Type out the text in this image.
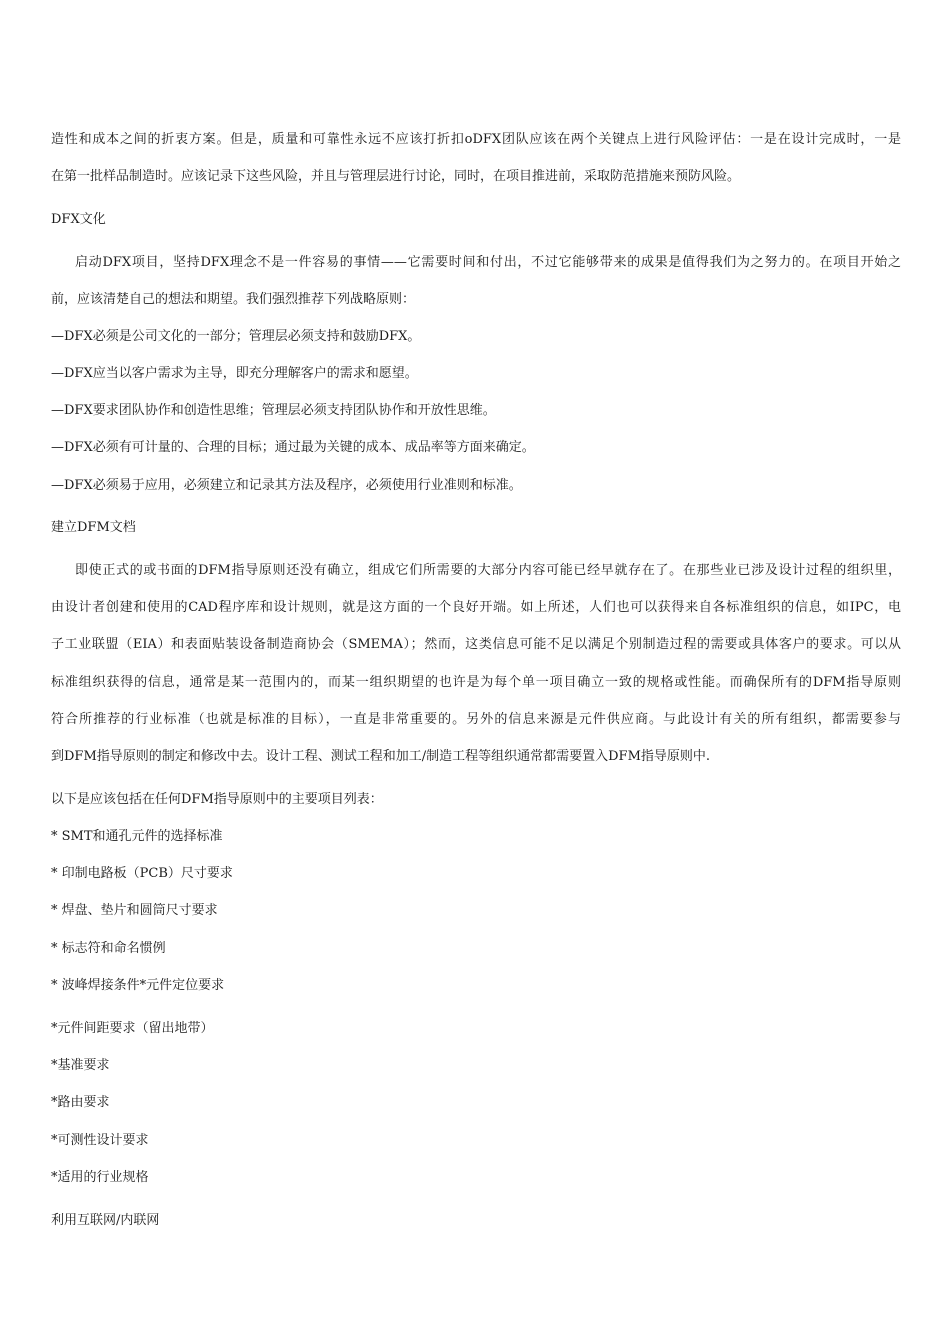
造性和成本之间的折衷方案。但是，质量和可靠性永远不应该打折扣oDFX团队应该在两个关键点上进行风险评估：一是在设计完成时，一是
在第一批样品制造时。应该记录下这些风险，并且与管理层进行讨论，同时，在项目推进前，采取防范措施来预防风险。
DFX文化
启动DFX项目，坚持DFX理念不是一件容易的事情——它需要时间和付出，不过它能够带来的成果是值得我们为之努力的。在项目开始之
前，应该清楚自己的想法和期望。我们强烈推荐下列战略原则：
—DFX必须是公司文化的一部分；管理层必须支持和鼓励DFX。
—DFX应当以客户需求为主导，即充分理解客户的需求和愿望。
—DFX要求团队协作和创造性思维；管理层必须支持团队协作和开放性思维。
—DFX必须有可计量的、合理的目标；通过最为关键的成本、成品率等方面来确定。
—DFX必须易于应用，必须建立和记录其方法及程序，必须使用行业准则和标准。
建立DFM文档
即使正式的或书面的DFM指导原则还没有确立，组成它们所需要的大部分内容可能已经早就存在了。在那些业已涉及设计过程的组织里，
由设计者创建和使用的CAD程序库和设计规则，就是这方面的一个良好开端。如上所述，人们也可以获得来自各标准组织的信息，如IPC，电
子工业联盟（EIA）和表面贴装设备制造商协会（SMEMA）；然而，这类信息可能不足以满足个别制造过程的需要或具体客户的要求。可以从
标准组织获得的信息，通常是某一范围内的，而某一组织期望的也许是为每个单一项目确立一致的规格或性能。而确保所有的DFM指导原则
符合所推荐的行业标准（也就是标准的目标），一直是非常重要的。另外的信息来源是元件供应商。与此设计有关的所有组织，都需要参与
到DFM指导原则的制定和修改中去。设计工程、测试工程和加工/制造工程等组织通常都需要置入DFM指导原则中.
以下是应该包括在任何DFM指导原则中的主要项目列表：
* SMT和通孔元件的选择标准
* 印制电路板（PCB）尺寸要求
* 焊盘、垫片和圆筒尺寸要求
* 标志符和命名惯例
* 波峰焊接条件*元件定位要求
*元件间距要求（留出地带）
*基准要求
*路由要求
*可测性设计要求
*适用的行业规格
利用互联网/内联网
